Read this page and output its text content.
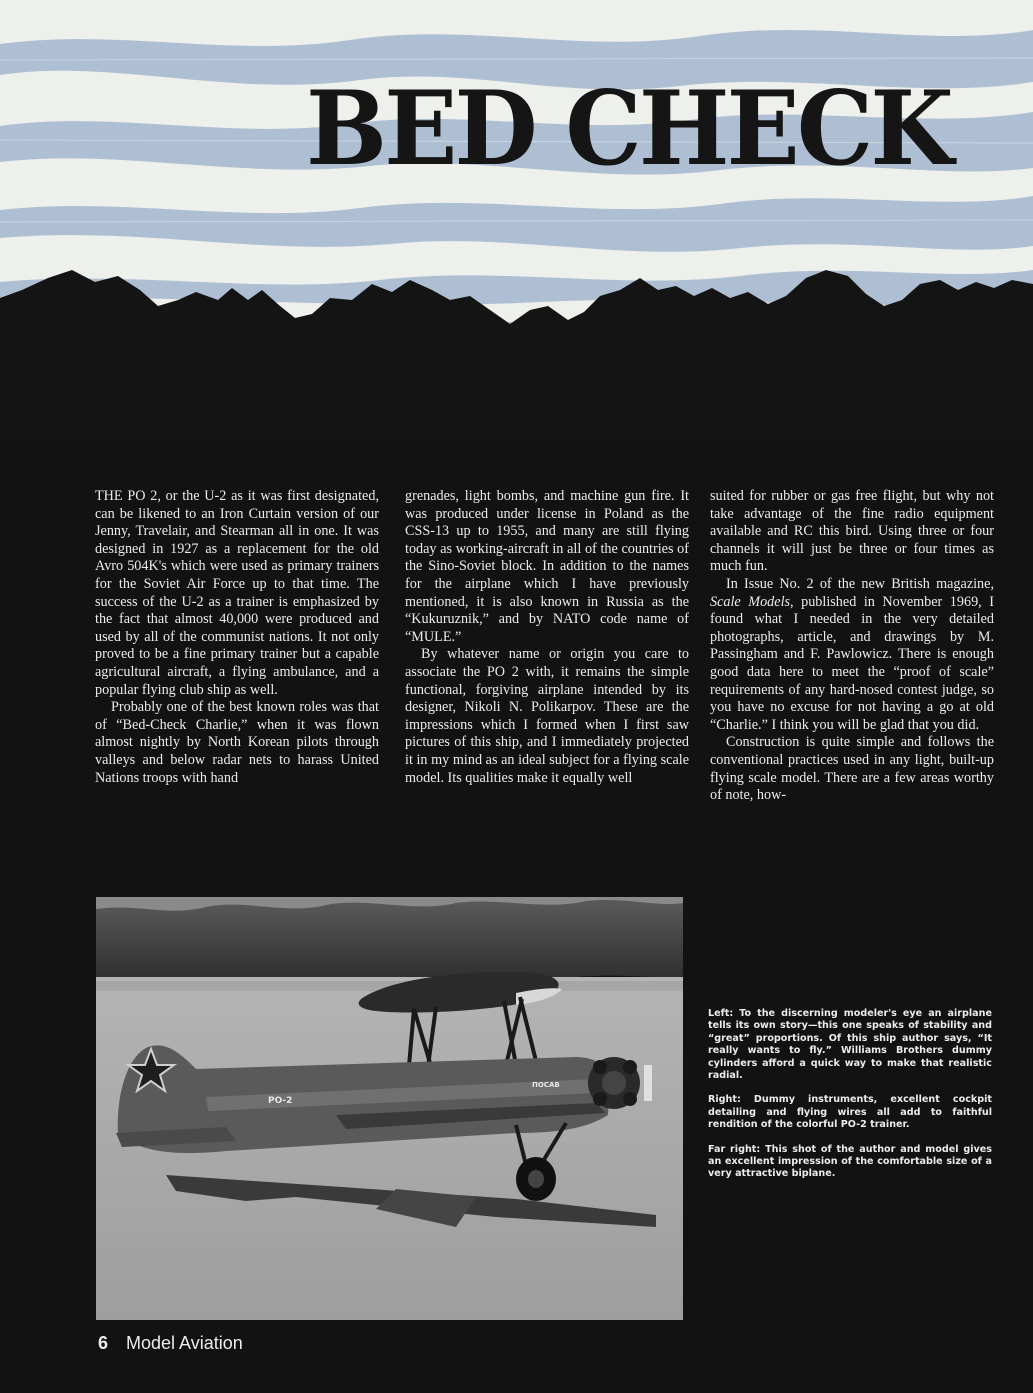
BED CHECK

THE PO 2, or the U-2 as it was first designated, can be likened to an Iron Curtain version of our Jenny, Travelair, and Stearman all in one. It was designed in 1927 as a replacement for the old Avro 504K's which were used as primary trainers for the Soviet Air Force up to that time. The success of the U-2 as a trainer is emphasized by the fact that almost 40,000 were produced and used by all of the communist nations. It not only proved to be a fine primary trainer but a capable agricultural aircraft, a flying ambulance, and a popular flying club ship as well.

Probably one of the best known roles was that of “Bed-Check Charlie,” when it was flown almost nightly by North Korean pilots through valleys and below radar nets to harass United Nations troops with hand

grenades, light bombs, and machine gun fire. It was produced under license in Poland as the CSS-13 up to 1955, and many are still flying today as working-aircraft in all of the countries of the Sino-Soviet block. In addition to the names for the airplane which I have previously mentioned, it is also known in Russia as the “Kukuruznik,” and by NATO code name of “MULE.”

By whatever name or origin you care to associate the PO 2 with, it remains the simple functional, forgiving airplane intended by its designer, Nikoli N. Polikarpov. These are the impressions which I formed when I first saw pictures of this ship, and I immediately projected it in my mind as an ideal subject for a flying scale model. Its qualities make it equally well

suited for rubber or gas free flight, but why not take advantage of the fine radio equipment available and RC this bird. Using three or four channels it will just be three or four times as much fun.

In Issue No. 2 of the new British magazine, Scale Models, published in November 1969, I found what I needed in the very detailed photographs, article, and drawings by M. Passingham and F. Pawlowicz. There is enough good data here to meet the “proof of scale” requirements of any hard-nosed contest judge, so you have no excuse for not having a go at old “Charlie.” I think you will be glad that you did.

Construction is quite simple and follows the conventional practices used in any light, built-up flying scale model. There are a few areas worthy of note, how-

PO-2
ПОСАВ

Left: To the discerning modeler's eye an airplane tells its own story—this one speaks of stability and “great” proportions. Of this ship author says, “It really wants to fly.” Williams Brothers dummy cylinders afford a quick way to make that realistic radial.

Right: Dummy instruments, excellent cockpit detailing and flying wires all add to faithful rendition of the colorful PO-2 trainer.

Far right: This shot of the author and model gives an excellent impression of the comfortable size of a very attractive biplane.

6 Model Aviation
